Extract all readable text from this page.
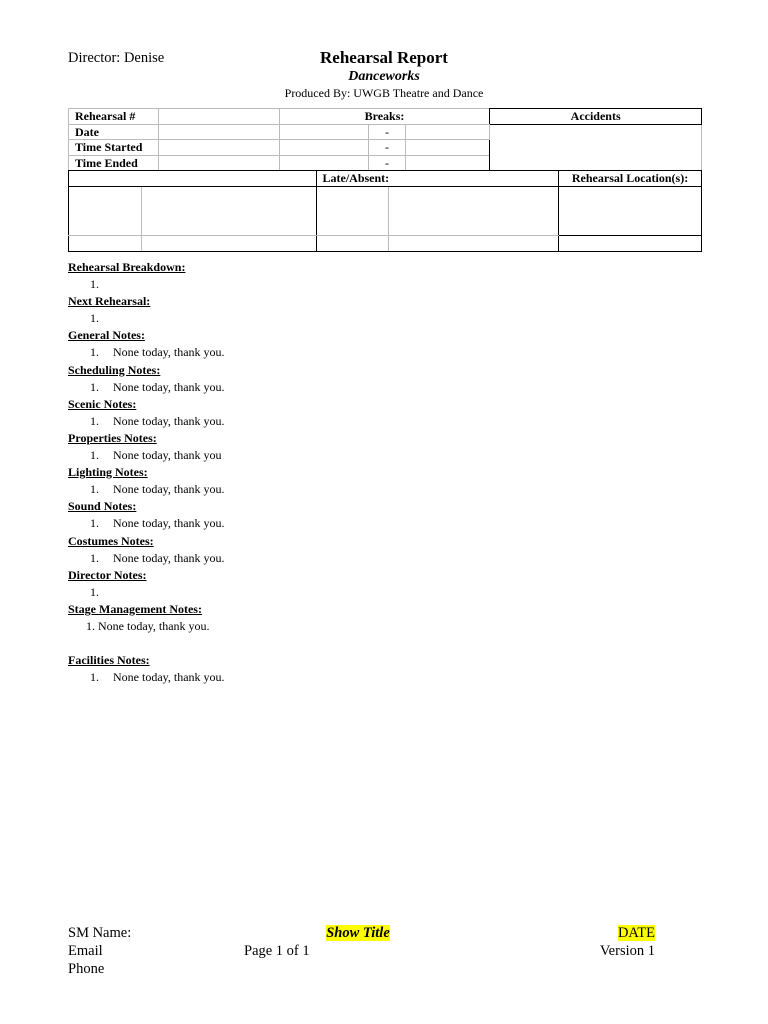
Director: Denise	Rehearsal Report
Danceworks
Produced By: UWGB Theatre and Dance
Rehearsal #		Breaks:			Accidents
Date			-		
Time Started			-		
Time Ended			-		
		Late/Absent:		Rehearsal Location(s):

Rehearsal Breakdown:
1.
Next Rehearsal:
1.
General Notes:
1. None today, thank you.
Scheduling Notes:
1. None today, thank you.
Scenic Notes:
1. None today, thank you.
Properties Notes:
1. None today, thank you
Lighting Notes:
1. None today, thank you.
Sound Notes:
1. None today, thank you.
Costumes Notes:
1. None today, thank you.
Director Notes:
1.
Stage Management Notes:
1. None today, thank you.
Facilities Notes:
1. None today, thank you.
SM Name:
Email
Phone
Show Title
Page 1 of 1
DATE
Version 1
